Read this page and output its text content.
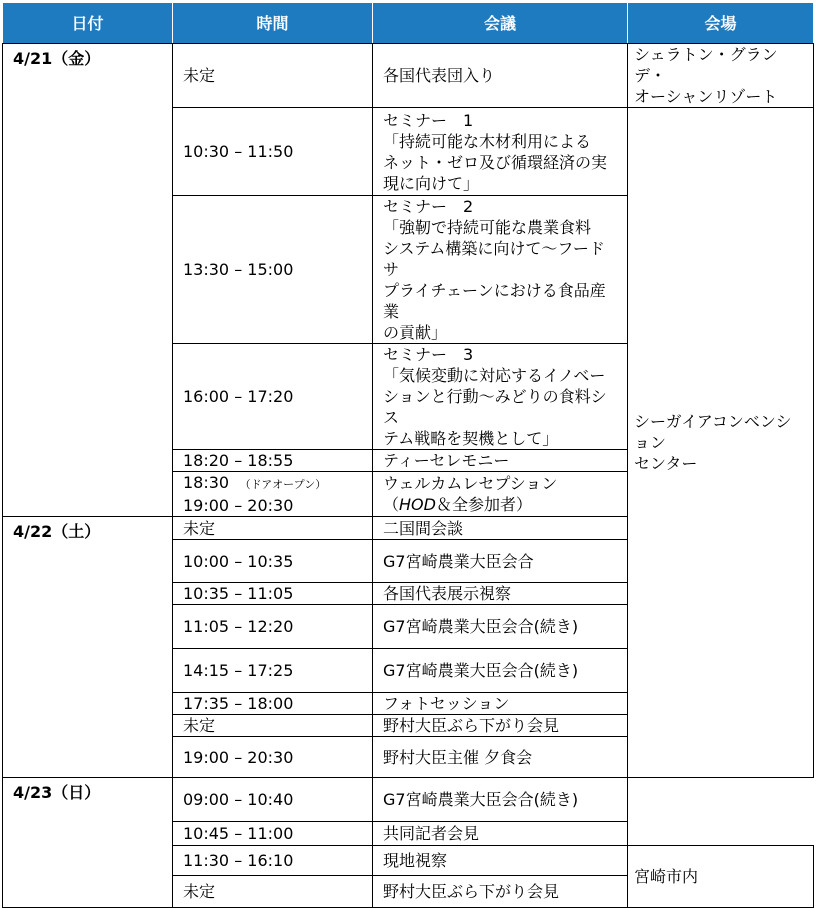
日付	時間	会議	会場
4/21（金）	未定	各国代表団入り	シェラトン・グランデ・
オーシャンリゾート
	10:30 – 11:50	セミナー　1
「持続可能な木材利用による
ネット・ゼロ及び循環経済の実
現に向けて」	シーガイアコンベンション
センター
	13:30 – 15:00	セミナー　2
「強靭で持続可能な農業食料
システム構築に向けて～フードサ
プライチェーンにおける食品産業
の貢献」	
	16:00 – 17:20	セミナー　3
「気候変動に対応するイノベー
ションと行動～みどりの食料シス
テム戦略を契機として」	
	18:20 – 18:55	ティーセレモニー	
	18:30　 （ドアオープン）
19:00 – 20:30	ウェルカムレセプション
（HOD＆全参加者）	
4/22（土）	未定	二国間会談	
	10:00 – 10:35	G7宮崎農業大臣会合	
	10:35 – 11:05	各国代表展示視察	
	11:05 – 12:20	G7宮崎農業大臣会合(続き)	
	14:15 – 17:25	G7宮崎農業大臣会合(続き)	
	17:35 – 18:00	フォトセッション	
	未定	野村大臣ぶら下がり会見	
	19:00 – 20:30	野村大臣主催 夕食会	
4/23（日）	09:00 – 10:40	G7宮崎農業大臣会合(続き)	
	10:45 – 11:00	共同記者会見	
	11:30 – 16:10	現地視察	宮崎市内
	未定	野村大臣ぶら下がり会見	
